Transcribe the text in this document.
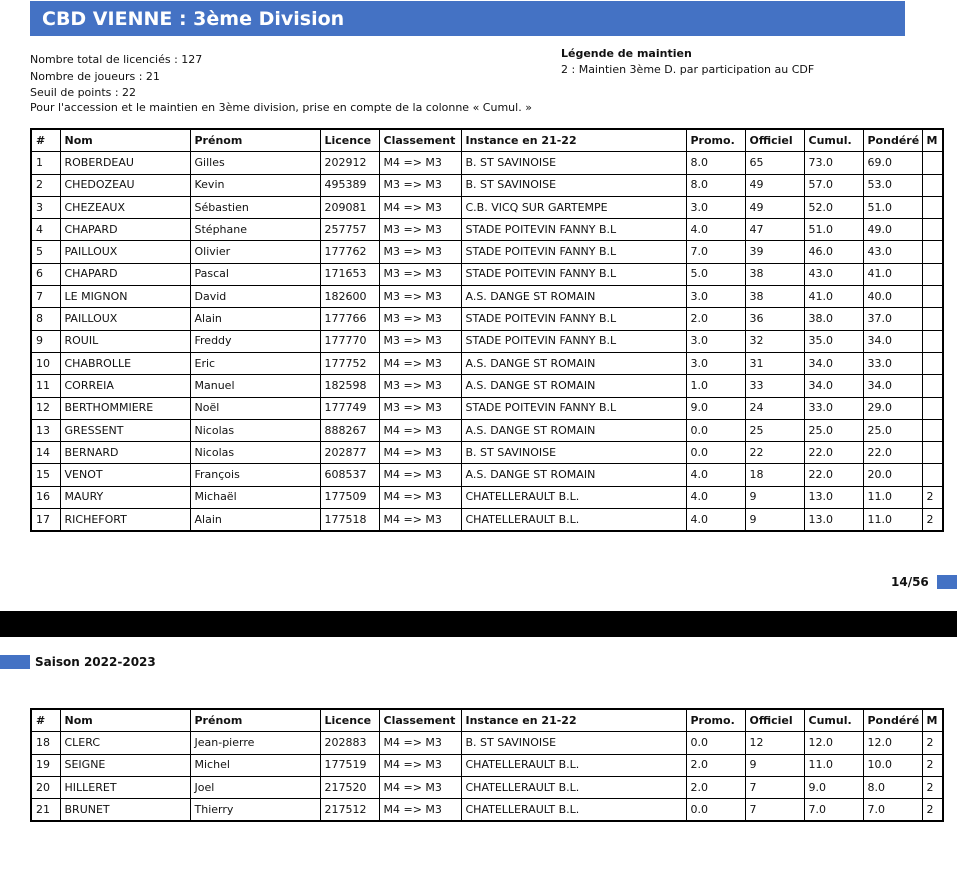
CBD VIENNE : 3ème Division
Nombre total de licenciés : 127
Nombre de joueurs : 21
Seuil de points : 22
Légende de maintien
2 : Maintien 3ème D. par participation au CDF
Pour l'accession et le maintien en 3ème division, prise en compte de la colonne « Cumul. »
#	Nom	Prénom	Licence	Classement	Instance en 21-22	Promo.	Officiel	Cumul.	Pondéré	M
1	ROBERDEAU	Gilles	202912	M4 => M3	B. ST SAVINOISE	8.0	65	73.0	69.0	
2	CHEDOZEAU	Kevin	495389	M3 => M3	B. ST SAVINOISE	8.0	49	57.0	53.0	
3	CHEZEAUX	Sébastien	209081	M4 => M3	C.B. VICQ SUR GARTEMPE	3.0	49	52.0	51.0	
4	CHAPARD	Stéphane	257757	M3 => M3	STADE POITEVIN FANNY B.L	4.0	47	51.0	49.0	
5	PAILLOUX	Olivier	177762	M3 => M3	STADE POITEVIN FANNY B.L	7.0	39	46.0	43.0	
6	CHAPARD	Pascal	171653	M3 => M3	STADE POITEVIN FANNY B.L	5.0	38	43.0	41.0	
7	LE MIGNON	David	182600	M3 => M3	A.S. DANGE ST ROMAIN	3.0	38	41.0	40.0	
8	PAILLOUX	Alain	177766	M3 => M3	STADE POITEVIN FANNY B.L	2.0	36	38.0	37.0	
9	ROUIL	Freddy	177770	M3 => M3	STADE POITEVIN FANNY B.L	3.0	32	35.0	34.0	
10	CHABROLLE	Eric	177752	M4 => M3	A.S. DANGE ST ROMAIN	3.0	31	34.0	33.0	
11	CORREIA	Manuel	182598	M3 => M3	A.S. DANGE ST ROMAIN	1.0	33	34.0	34.0	
12	BERTHOMMIERE	Noël	177749	M3 => M3	STADE POITEVIN FANNY B.L	9.0	24	33.0	29.0	
13	GRESSENT	Nicolas	888267	M4 => M3	A.S. DANGE ST ROMAIN	0.0	25	25.0	25.0	
14	BERNARD	Nicolas	202877	M4 => M3	B. ST SAVINOISE	0.0	22	22.0	22.0	
15	VENOT	François	608537	M4 => M3	A.S. DANGE ST ROMAIN	4.0	18	22.0	20.0	
16	MAURY	Michaël	177509	M4 => M3	CHATELLERAULT B.L.	4.0	9	13.0	11.0	2
17	RICHEFORT	Alain	177518	M4 => M3	CHATELLERAULT B.L.	4.0	9	13.0	11.0	2
14/56
Saison 2022-2023
#	Nom	Prénom	Licence	Classement	Instance en 21-22	Promo.	Officiel	Cumul.	Pondéré	M
18	CLERC	Jean-pierre	202883	M4 => M3	B. ST SAVINOISE	0.0	12	12.0	12.0	2
19	SEIGNE	Michel	177519	M4 => M3	CHATELLERAULT B.L.	2.0	9	11.0	10.0	2
20	HILLERET	Joel	217520	M4 => M3	CHATELLERAULT B.L.	2.0	7	9.0	8.0	2
21	BRUNET	Thierry	217512	M4 => M3	CHATELLERAULT B.L.	0.0	7	7.0	7.0	2
